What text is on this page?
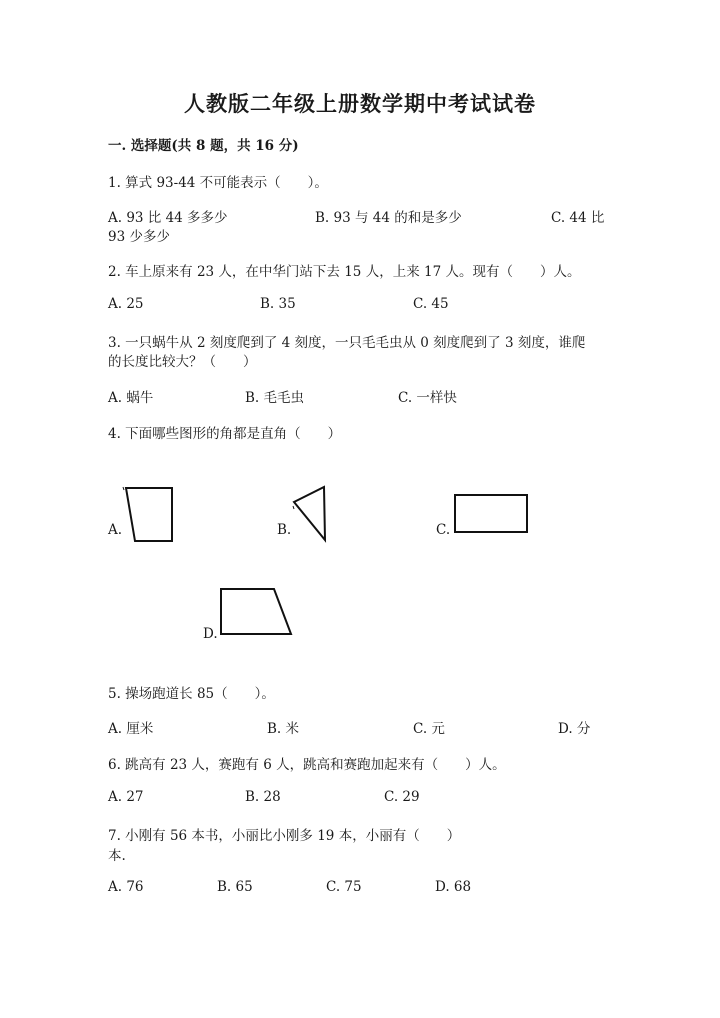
人教版二年级上册数学期中考试试卷
一. 选择题(共 8 题，共 16 分)
1. 算式 93-44 不可能表示（　　）。
A. 93 比 44 多多少	B. 93 与 44 的和是多少	C. 44 比
93 少多少
2. 车上原来有 23 人，在中华门站下去 15 人，上来 17 人。现有（　　）人。
A. 25	B. 35	C. 45
3. 一只蜗牛从 2 刻度爬到了 4 刻度，一只毛毛虫从 0 刻度爬到了 3 刻度，谁爬
的长度比较大？（　　）
A. 蜗牛	B. 毛毛虫	C. 一样快
4. 下面哪些图形的角都是直角（　　）
A.	B.	C.
D.
5. 操场跑道长 85（　　）。
A. 厘米	B. 米	C. 元	D. 分
6. 跳高有 23 人，赛跑有 6 人，跳高和赛跑加起来有（　　）人。
A. 27	B. 28	C. 29
7. 小刚有 56 本书，小丽比小刚多 19 本，小丽有（　　）
本.
A. 76	B. 65	C. 75	D. 68
